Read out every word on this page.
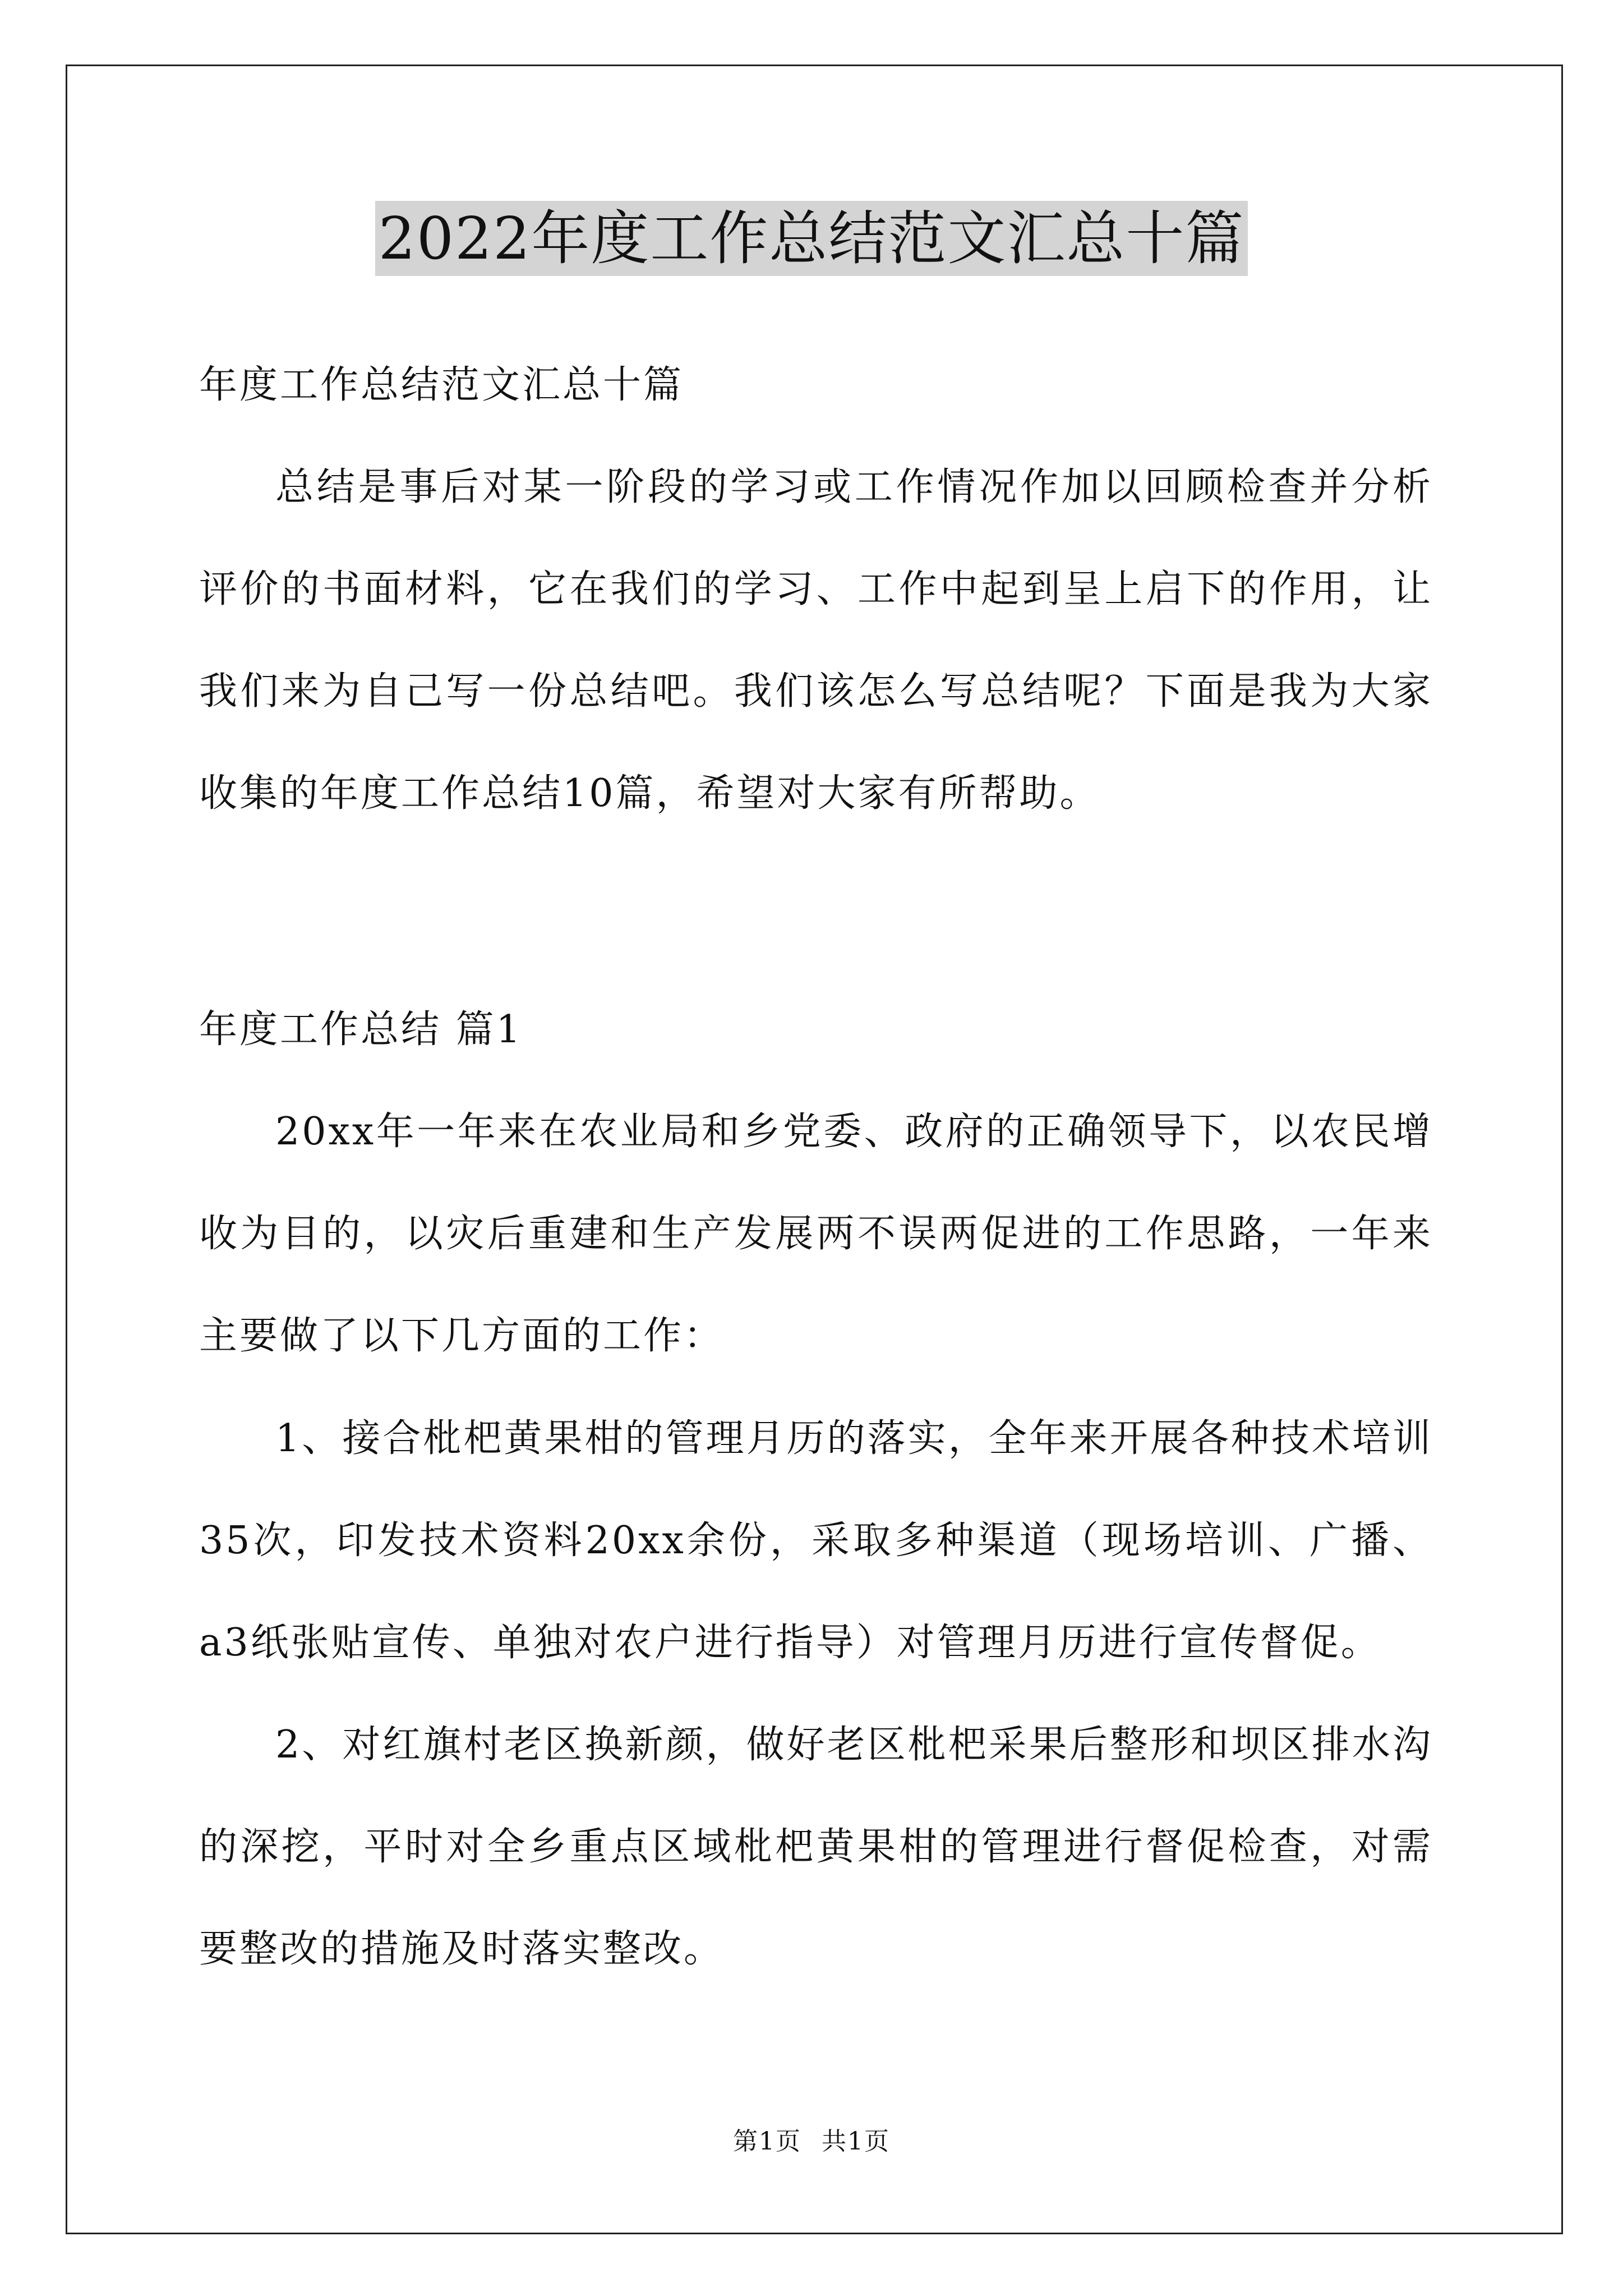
2022年度工作总结范文汇总十篇

年度工作总结范文汇总十篇

总结是事后对某一阶段的学习或工作情况作加以回顾检查并分析评价的书面材料，它在我们的学习、工作中起到呈上启下的作用，让我们来为自己写一份总结吧。我们该怎么写总结呢？下面是我为大家收集的年度工作总结10篇，希望对大家有所帮助。

年度工作总结 篇1

20xx年一年来在农业局和乡党委、政府的正确领导下，以农民增收为目的，以灾后重建和生产发展两不误两促进的工作思路，一年来主要做了以下几方面的工作：

1、接合枇杷黄果柑的管理月历的落实，全年来开展各种技术培训35次，印发技术资料20xx余份，采取多种渠道（现场培训、广播、a3纸张贴宣传、单独对农户进行指导）对管理月历进行宣传督促。

2、对红旗村老区换新颜，做好老区枇杷采果后整形和坝区排水沟的深挖，平时对全乡重点区域枇杷黄果柑的管理进行督促检查，对需要整改的措施及时落实整改。

第1页 共1页
